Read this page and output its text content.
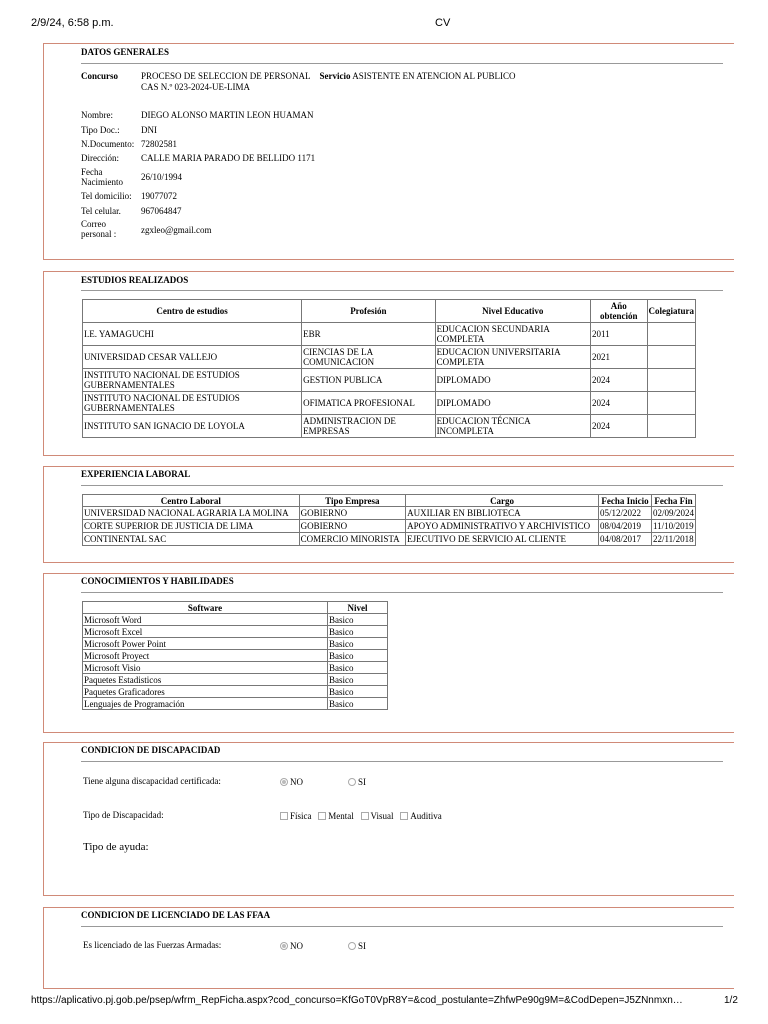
2/9/24, 6:58 p.m.	CV
DATOS GENERALES
Concurso	PROCESO DE SELECCION DE PERSONAL Servicio ASISTENTE EN ATENCION AL PUBLICO
CAS N.º 023-2024-UE-LIMA
Nombre:	DIEGO ALONSO MARTIN LEON HUAMAN
Tipo Doc.: DNI
N.Documento: 72802581
Dirección: CALLE MARIA PARADO DE BELLIDO 1171
Fecha Nacimiento	26/10/1994
Tel domicilio: 19077072
Tel celular. 967064847
Correo personal :	zgxleo@gmail.com
ESTUDIOS REALIZADOS
Centro de estudios	Profesión	Nivel Educativo	Año obtención	Colegiatura
I.E. YAMAGUCHI	EBR	EDUCACION SECUNDARIA COMPLETA	2011	
UNIVERSIDAD CESAR VALLEJO	CIENCIAS DE LA COMUNICACION	EDUCACION UNIVERSITARIA COMPLETA	2021	
INSTITUTO NACIONAL DE ESTUDIOS GUBERNAMENTALES	GESTION PUBLICA	DIPLOMADO	2024	
INSTITUTO NACIONAL DE ESTUDIOS GUBERNAMENTALES	OFIMATICA PROFESIONAL	DIPLOMADO	2024	
INSTITUTO SAN IGNACIO DE LOYOLA	ADMINISTRACION DE EMPRESAS	EDUCACION TÉCNICA INCOMPLETA	2024	
EXPERIENCIA LABORAL
Centro Laboral	Tipo Empresa	Cargo	Fecha Inicio	Fecha Fin
UNIVERSIDAD NACIONAL AGRARIA LA MOLINA	GOBIERNO	AUXILIAR EN BIBLIOTECA	05/12/2022	02/09/2024
CORTE SUPERIOR DE JUSTICIA DE LIMA	GOBIERNO	APOYO ADMINISTRATIVO Y ARCHIVISTICO	08/04/2019	11/10/2019
CONTINENTAL SAC	COMERCIO MINORISTA	EJECUTIVO DE SERVICIO AL CLIENTE	04/08/2017	22/11/2018
CONOCIMIENTOS Y HABILIDADES
Software	Nivel
Microsoft Word	Basico
Microsoft Excel	Basico
Microsoft Power Point	Basico
Microsoft Proyect	Basico
Microsoft Visio	Basico
Paquetes Estadisticos	Basico
Paquetes Graficadores	Basico
Lenguajes de Programación	Basico
CONDICION DE DISCAPACIDAD
Tiene alguna discapacidad certificada:	NO	SI
Tipo de Discapacidad:	Física Mental Visual Auditiva
Tipo de ayuda:
CONDICION DE LICENCIADO DE LAS FFAA
Es licenciado de las Fuerzas Armadas:	NO	SI
https://aplicativo.pj.gob.pe/psep/wfrm_RepFicha.aspx?cod_concurso=KfGoT0VpR8Y=&cod_postulante=ZhfwPe90g9M=&CodDepen=J5ZNnmxn…	1/2
